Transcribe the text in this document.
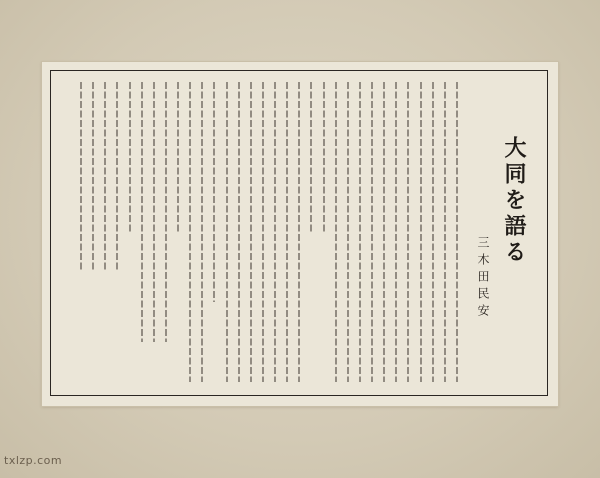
大同を語る
三木田民安
txlzp.com
